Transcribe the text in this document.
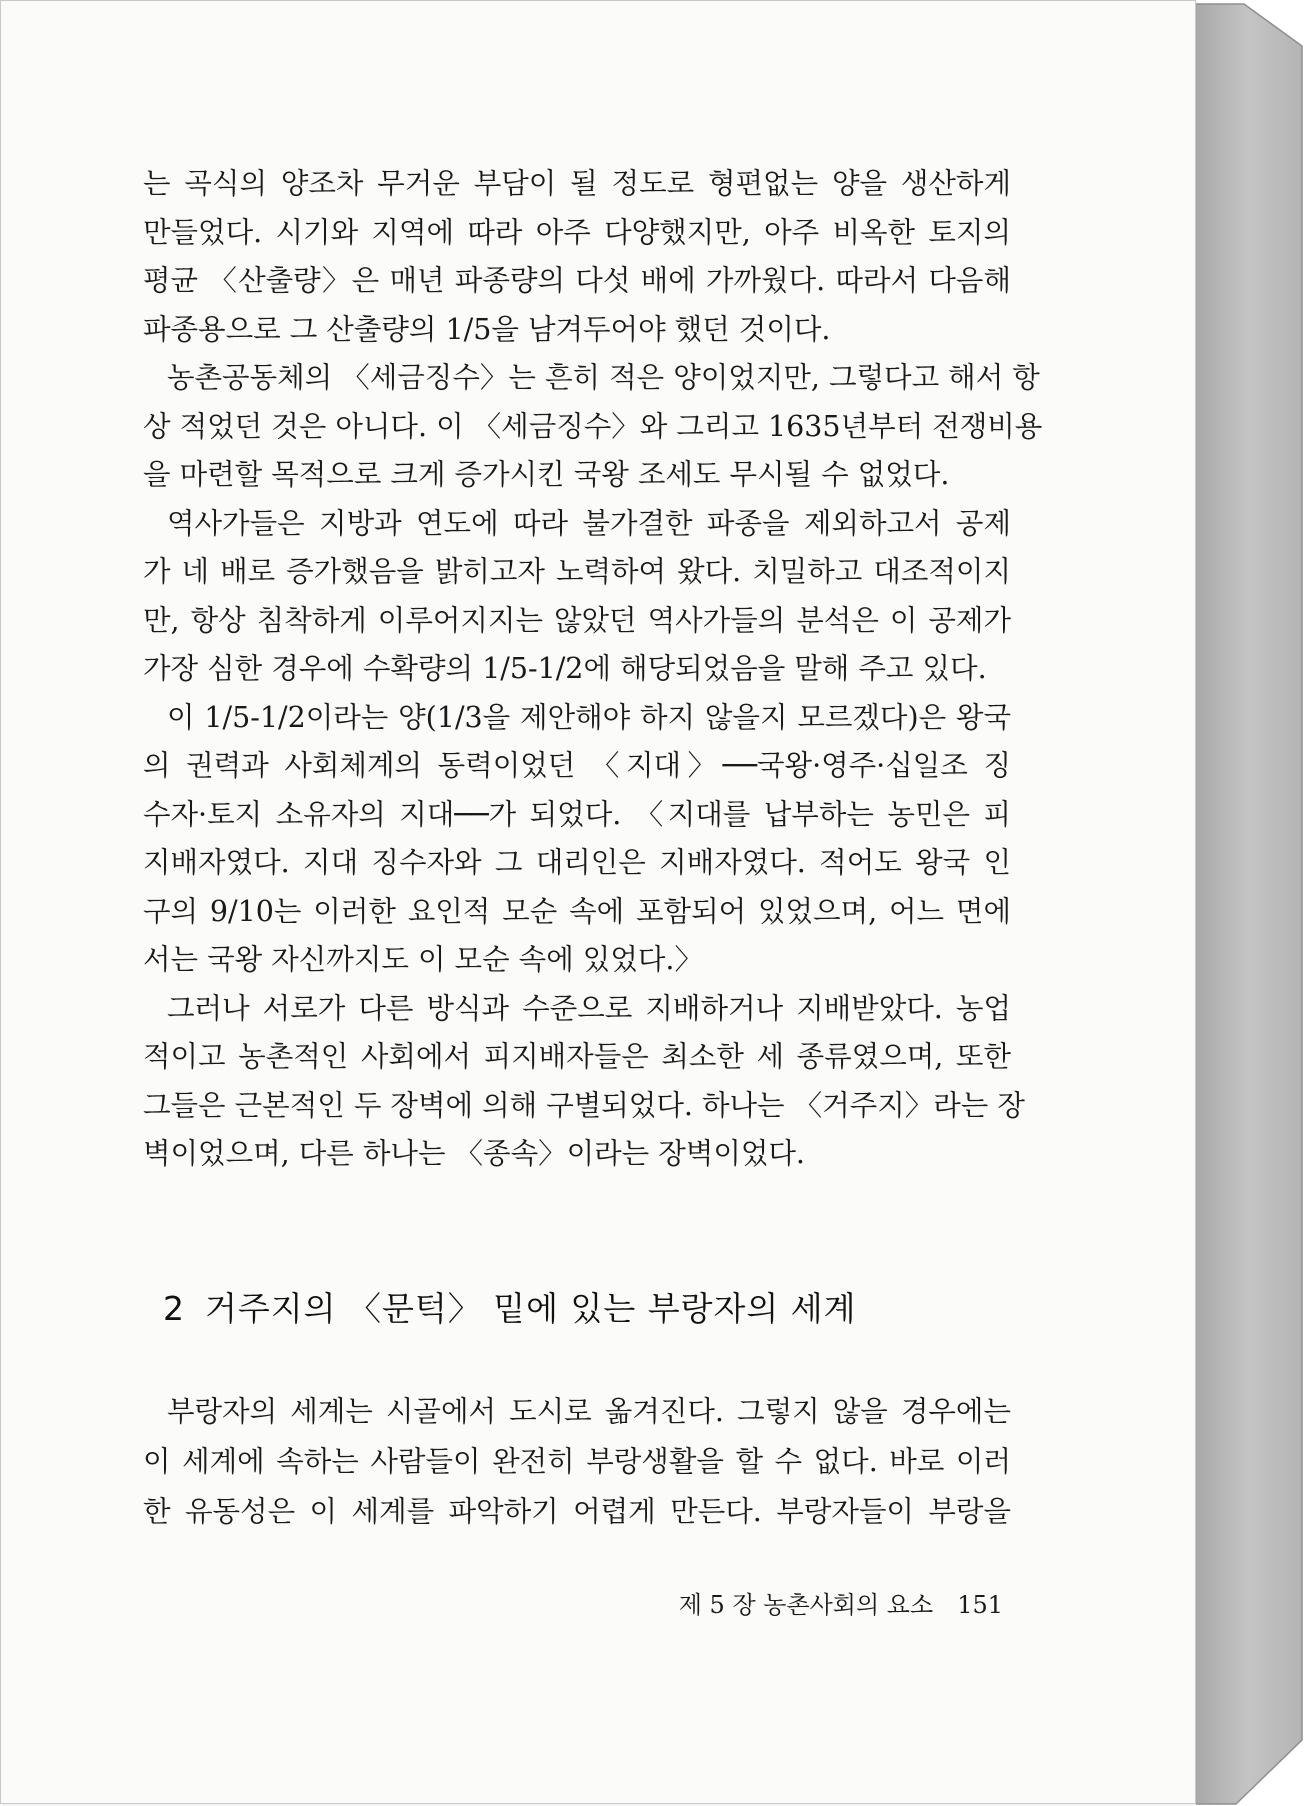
는 곡식의 양조차 무거운 부담이 될 정도로 형편없는 양을 생산하게
만들었다. 시기와 지역에 따라 아주 다양했지만, 아주 비옥한 토지의
평균 〈산출량〉은 매년 파종량의 다섯 배에 가까웠다. 따라서 다음해
파종용으로 그 산출량의 1/5을 남겨두어야 했던 것이다.

농촌공동체의 〈세금징수〉는 흔히 적은 양이었지만, 그렇다고 해서 항
상 적었던 것은 아니다. 이 〈세금징수〉와 그리고 1635년부터 전쟁비용
을 마련할 목적으로 크게 증가시킨 국왕 조세도 무시될 수 없었다.

역사가들은 지방과 연도에 따라 불가결한 파종을 제외하고서 공제
가 네 배로 증가했음을 밝히고자 노력하여 왔다. 치밀하고 대조적이지
만, 항상 침착하게 이루어지지는 않았던 역사가들의 분석은 이 공제가
가장 심한 경우에 수확량의 1/5-1/2에 해당되었음을 말해 주고 있다.

이 1/5-1/2이라는 양(1/3을 제안해야 하지 않을지 모르겠다)은 왕국
의 권력과 사회체계의 동력이었던 〈지대〉──국왕·영주·십일조 징
수자·토지 소유자의 지대──가 되었다. 〈지대를 납부하는 농민은 피
지배자였다. 지대 징수자와 그 대리인은 지배자였다. 적어도 왕국 인
구의 9/10는 이러한 요인적 모순 속에 포함되어 있었으며, 어느 면에
서는 국왕 자신까지도 이 모순 속에 있었다.〉

그러나 서로가 다른 방식과 수준으로 지배하거나 지배받았다. 농업
적이고 농촌적인 사회에서 피지배자들은 최소한 세 종류였으며, 또한
그들은 근본적인 두 장벽에 의해 구별되었다. 하나는 〈거주지〉라는 장
벽이었으며, 다른 하나는 〈종속〉이라는 장벽이었다.

2 거주지의 〈문턱〉 밑에 있는 부랑자의 세계
부랑자의 세계는 시골에서 도시로 옮겨진다. 그렇지 않을 경우에는
이 세계에 속하는 사람들이 완전히 부랑생활을 할 수 없다. 바로 이러
한 유동성은 이 세계를 파악하기 어렵게 만든다. 부랑자들이 부랑을
제 5 장 농촌사회의 요소 151
